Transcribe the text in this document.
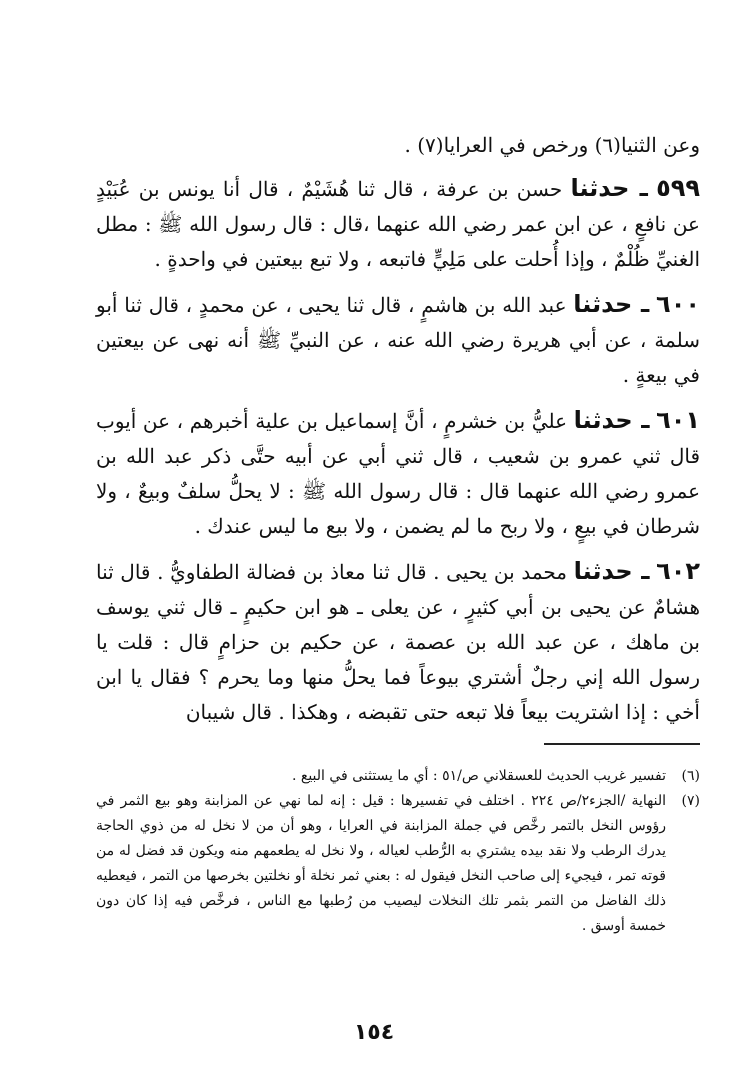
وعن الثنيا(٦) ورخص في العرايا(٧) .

٥٩٩ ـ حدثنا حسن بن عرفة ، قال ثنا هُشَيْمٌ ، قال أنا يونس بن عُبَيْدٍ عن نافعٍ ، عن ابن عمر رضي الله عنهما ،قال : قال رسول الله ﷺ : مطل الغنيِّ ظُلْمٌ ، وإذا أُحلت على مَلِيٍّ فاتبعه ، ولا تبع بيعتين في واحدةٍ .

٦٠٠ ـ حدثنا عبد الله بن هاشمٍ ، قال ثنا يحيى ، عن محمدٍ ، قال ثنا أبو سلمة ، عن أبي هريرة رضي الله عنه ، عن النبيِّ ﷺ أنه نهى عن بيعتين في بيعةٍ .

٦٠١ ـ حدثنا عليُّ بن خشرمٍ ، أنَّ إسماعيل بن علية أخبرهم ، عن أيوب قال ثني عمرو بن شعيب ، قال ثني أبي عن أبيه حتَّى ذكر عبد الله بن عمرو رضي الله عنهما قال : قال رسول الله ﷺ : لا يحلُّ سلفٌ وبيعٌ ، ولا شرطان في بيعٍ ، ولا ربح ما لم يضمن ، ولا بيع ما ليس عندك .

٦٠٢ ـ حدثنا محمد بن يحيى . قال ثنا معاذ بن فضالة الطفاويُّ . قال ثنا هشامٌ عن يحيى بن أبي كثيرٍ ، عن يعلى ـ هو ابن حكيمٍ ـ قال ثني يوسف بن ماهك ، عن عبد الله بن عصمة ، عن حكيم بن حزامٍ قال : قلت يا رسول الله إني رجلٌ أشتري بيوعاً فما يحلُّ منها وما يحرم ؟ فقال يا ابن أخي : إذا اشتريت بيعاً فلا تبعه حتى تقبضه ، وهكذا . قال شيبان

(٦)
تفسير غريب الحديث للعسقلاني ص/٥١ : أي ما يستثنى في البيع .
(٧)
النهاية /الجزء٢/ص ٢٢٤ . اختلف في تفسيرها : قيل : إنه لما نهي عن المزابنة وهو بيع الثمر في رؤوس النخل بالتمر رخَّص في جملة المزابنة في العرايا ، وهو أن من لا نخل له من ذوي الحاجة يدرك الرطب ولا نقد بيده يشتري به الرُّطب لعياله ، ولا نخل له يطعمهم منه ويكون قد فضل له من قوته تمر ، فيجيء إلى صاحب النخل فيقول له : بعني ثمر نخلة أو نخلتين بخرصها من التمر ، فيعطيه ذلك الفاضل من التمر بثمر تلك النخلات ليصيب من رُطبها مع الناس ، فرخَّص فيه إذا كان دون خمسة أوسق .
١٥٤
